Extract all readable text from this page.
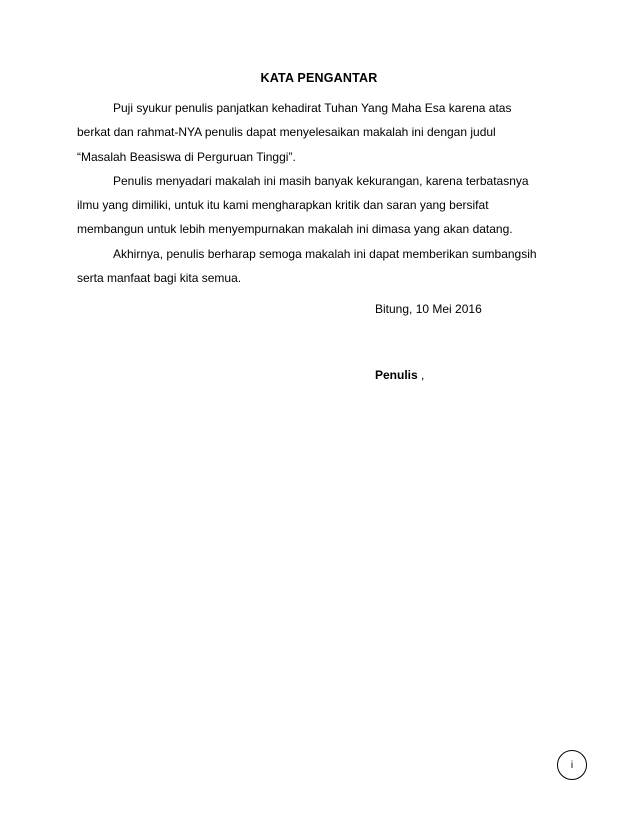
KATA PENGANTAR
Puji syukur penulis panjatkan kehadirat Tuhan Yang Maha Esa karena atas
berkat dan rahmat-NYA penulis dapat menyelesaikan makalah ini dengan judul
“Masalah Beasiswa di Perguruan Tinggi”.
Penulis menyadari makalah ini masih banyak kekurangan, karena terbatasnya
ilmu yang dimiliki, untuk itu kami mengharapkan kritik dan saran yang bersifat
membangun untuk lebih menyempurnakan makalah ini dimasa yang akan datang.
Akhirnya, penulis berharap semoga makalah ini dapat memberikan sumbangsih
serta manfaat bagi kita semua.
Bitung, 10 Mei 2016
Penulis ,
i
